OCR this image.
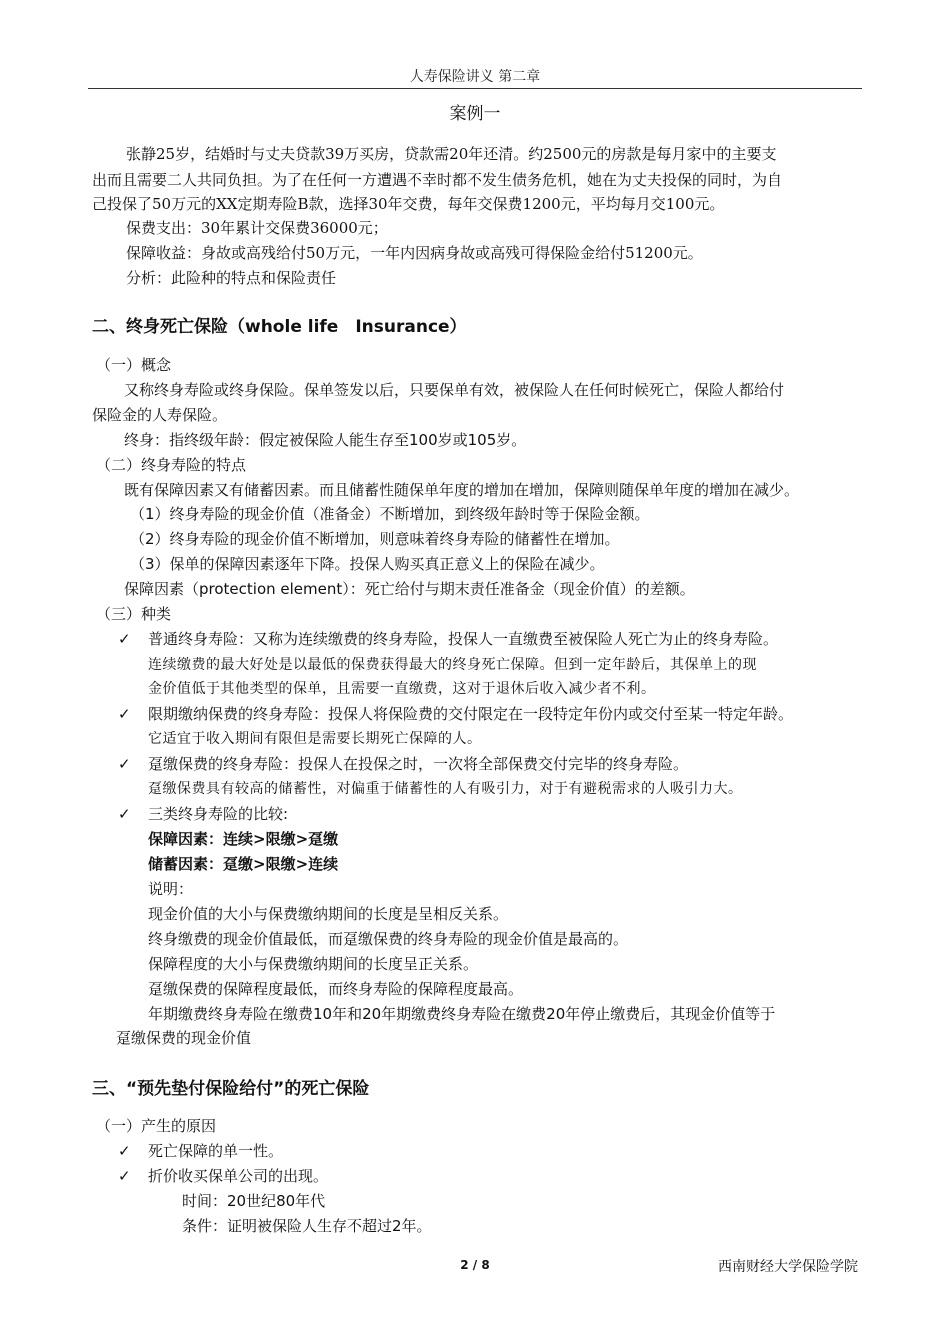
人寿保险讲义 第二章
案例一
张静25岁，结婚时与丈夫贷款39万买房，贷款需20年还清。约2500元的房款是每月家中的主要支
出而且需要二人共同负担。为了在任何一方遭遇不幸时都不发生债务危机，她在为丈夫投保的同时，为自
己投保了50万元的XX定期寿险B款，选择30年交费，每年交保费1200元，平均每月交100元。
保费支出：30年累计交保费36000元；
保障收益：身故或高残给付50万元，一年内因病身故或高残可得保险金给付51200元。
分析：此险种的特点和保险责任
二、终身死亡保险（whole life　Insurance）
（一）概念
又称终身寿险或终身保险。保单签发以后，只要保单有效，被保险人在任何时候死亡，保险人都给付
保险金的人寿保险。
终身：指终级年龄：假定被保险人能生存至100岁或105岁。
（二）终身寿险的特点
既有保障因素又有储蓄因素。而且储蓄性随保单年度的增加在增加，保障则随保单年度的增加在减少。
（1）终身寿险的现金价值（准备金）不断增加，到终级年龄时等于保险金额。
（2）终身寿险的现金价值不断增加，则意味着终身寿险的储蓄性在增加。
（3）保单的保障因素逐年下降。投保人购买真正意义上的保险在减少。
保障因素（protection element）：死亡给付与期末责任准备金（现金价值）的差额。
（三）种类
✓ 普通终身寿险：又称为连续缴费的终身寿险，投保人一直缴费至被保险人死亡为止的终身寿险。
连续缴费的最大好处是以最低的保费获得最大的终身死亡保障。但到一定年龄后，其保单上的现
金价值低于其他类型的保单，且需要一直缴费，这对于退休后收入减少者不利。
✓ 限期缴纳保费的终身寿险：投保人将保险费的交付限定在一段特定年份内或交付至某一特定年龄。
它适宜于收入期间有限但是需要长期死亡保障的人。
✓ 趸缴保费的终身寿险：投保人在投保之时，一次将全部保费交付完毕的终身寿险。
趸缴保费具有较高的储蓄性，对偏重于储蓄性的人有吸引力，对于有避税需求的人吸引力大。
✓ 三类终身寿险的比较:
保障因素：连续>限缴>趸缴
储蓄因素：趸缴>限缴>连续
说明：
现金价值的大小与保费缴纳期间的长度是呈相反关系。
终身缴费的现金价值最低，而趸缴保费的终身寿险的现金价值是最高的。
保障程度的大小与保费缴纳期间的长度呈正关系。
趸缴保费的保障程度最低，而终身寿险的保障程度最高。
年期缴费终身寿险在缴费10年和20年期缴费终身寿险在缴费20年停止缴费后，其现金价值等于
趸缴保费的现金价值
三、“预先垫付保险给付”的死亡保险
（一）产生的原因
✓ 死亡保障的单一性。
✓ 折价收买保单公司的出现。
时间：20世纪80年代
条件：证明被保险人生存不超过2年。
2 / 8	西南财经大学保险学院
